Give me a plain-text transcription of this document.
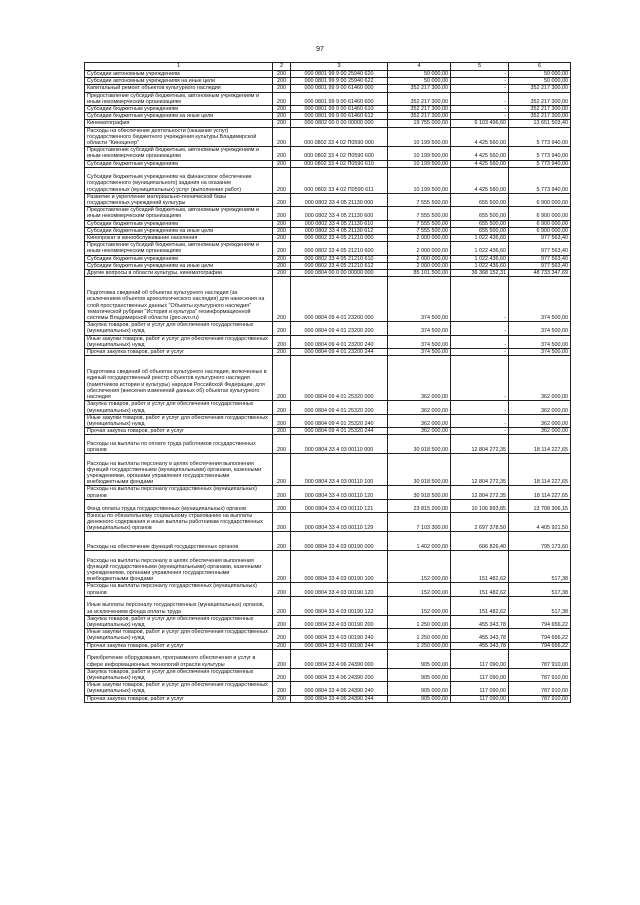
97
1	2	3	4	5	6
Субсидии автономным учреждениям	200	000 0801 99 9 00 25940 620	50 000,00	-	50 000,00
Субсидии автономным учреждениям на иные цели	200	000 0801 99 9 00 25940 622	50 000,00	-	50 000,00
Капитальный ремонт объектов культурного наследия	200	000 0801 99 9 00 61460 000	352 217 300,00	-	352 217 300,00
Предоставление субсидий бюджетным, автономным учреждениям и иным некоммерческим организациям	200	000 0801 99 9 00 61460 600	352 217 300,00	-	352 217 300,00
Субсидии бюджетным учреждениям	200	000 0801 99 9 00 61460 610	352 217 300,00	-	352 217 300,00
Субсидии бюджетным учреждениям на иные цели	200	000 0801 99 9 00 61460 612	352 217 300,00	-	352 217 300,00
Кинематография	200	000 0802 00 0 00 00000 000	19 755 000,00	6 103 496,60	13 651 503,40
Расходы на обеспечение деятельности (оказание услуг) государственного бюджетного учреждения культуры Владимирской области "Киноцентр"	200	000 0802 33 4 02 П0590 000	10 199 500,00	4 425 560,00	5 773 940,00
Предоставление субсидий бюджетным, автономным учреждениям и иным некоммерческим организациям	200	000 0802 33 4 02 П0590 600	10 199 500,00	4 425 560,00	5 773 940,00
Субсидии бюджетным учреждениям	200	000 0802 33 4 02 П0590 610	10 199 500,00	4 425 560,00	5 773 940,00
Субсидии бюджетным учреждениям на финансовое обеспечение государственного (муниципального) задания на оказание государственных (муниципальных) услуг (выполнение работ)	200	000 0802 33 4 02 П0590 611	10 199 500,00	4 425 560,00	5 773 940,00
Развитие и укрепление материально-технической базы государственных учреждений культуры	200	000 0802 33 4 05 21130 000	7 555 500,00	655 500,00	6 900 000,00
Предоставление субсидий бюджетным, автономным учреждениям и иным некоммерческим организациям	200	000 0802 33 4 05 21130 600	7 555 500,00	655 500,00	6 900 000,00
Субсидии бюджетным учреждениям	200	000 0802 33 4 05 21130 610	7 555 500,00	655 500,00	6 900 000,00
Субсидии бюджетным учреждениям на иные цели	200	000 0802 33 4 05 21130 612	7 555 500,00	655 500,00	6 900 000,00
Кинопрокат и кинообслуживание населения	200	000 0802 33 4 05 21210 000	2 000 000,00	1 022 436,60	977 563,40
Предоставление субсидий бюджетным, автономным учреждениям и иным некоммерческим организациям	200	000 0802 33 4 05 21210 600	2 000 000,00	1 022 436,60	977 563,40
Субсидии бюджетным учреждениям	200	000 0802 33 4 05 21210 610	2 000 000,00	1 022 436,60	977 563,40
Субсидии бюджетным учреждениям на иные цели	200	000 0802 33 4 05 21210 612	2 000 000,00	1 022 436,60	977 563,40
Другие вопросы в области культуры, кинематографии	200	000 0804 00 0 00 00000 000	85 101 500,00	36 368 152,31	48 733 347,69
Подготовка сведений об объектах культурного наследия (за исключением объектов археологического наследия) для нанесения на слой пространственных данных "Объекты культурного наследия" тематической рубрики "История и культура" геоинформационной системы Владимирской области (geo.avo.ru)	200	000 0804 09 4 01 23200 000	374 500,00	-	374 500,00
Закупка товаров, работ и услуг для обеспечения государственных (муниципальных) нужд	200	000 0804 09 4 01 23200 200	374 500,00	-	374 500,00
Иные закупки товаров, работ и услуг для обеспечения государственных (муниципальных) нужд	200	000 0804 09 4 01 23200 240	374 500,00	-	374 500,00
Прочая закупка товаров, работ и услуг	200	000 0804 09 4 01 23200 244	374 500,00	-	374 500,00
Подготовка сведений об объектах культурного наследия, включенных в единый государственный реестр объектов культурного наследия (памятников истории и культуры) народов Российской Федерации, для обеспечения (внесения изменений данных об) объектах культурного наследия	200	000 0804 09 4 01 25320 000	362 000,00	-	362 000,00
Закупка товаров, работ и услуг для обеспечения государственных (муниципальных) нужд	200	000 0804 09 4 01 25320 200	362 000,00	-	362 000,00
Иные закупки товаров, работ и услуг для обеспечения государственных (муниципальных) нужд	200	000 0804 09 4 01 25320 240	362 000,00	-	362 000,00
Прочая закупка товаров, работ и услуг	200	000 0804 09 4 01 25320 244	362 000,00	-	362 000,00
Расходы на выплаты по оплате труда работников государственных органов	200	000 0804 33 4 03 00110 000	30 918 500,00	12 804 272,35	18 114 227,65
Расходы на выплаты персоналу в целях обеспечения выполнения функций государственными (муниципальными) органами, казенными учреждениями, органами управления государственными внебюджетными фондами	200	000 0804 33 4 03 00110 100	30 918 500,00	12 804 272,35	18 114 227,65
Расходы на выплаты персоналу государственных (муниципальных) органов	200	000 0804 33 4 03 00110 120	30 918 500,00	12 804 272,35	18 114 227,65
Фонд оплаты труда государственных (муниципальных) органов	200	000 0804 33 4 03 00110 121	23 815 200,00	10 106 893,85	13 708 306,15
Взносы по обязательному социальному страхованию на выплаты денежного содержания и иные выплаты работникам государственных (муниципальных) органов	200	000 0804 33 4 03 00110 129	7 103 300,00	2 697 378,50	4 405 921,50
Расходы на обеспечение функций государственных органов	200	000 0804 33 4 03 00190 000	1 402 000,00	606 826,40	795 173,60
Расходы на выплаты персоналу в целях обеспечения выполнения функций государственными (муниципальными) органами, казенными учреждениями, органами управления государственными внебюджетными фондами	200	000 0804 33 4 03 00190 100	152 000,00	151 482,62	517,38
Расходы на выплаты персоналу государственных (муниципальных) органов	200	000 0804 33 4 03 00190 120	152 000,00	151 482,62	517,38
Иные выплаты персоналу государственных (муниципальных) органов, за исключением фонда оплаты труда	200	000 0804 33 4 03 00190 122	152 000,00	151 482,62	517,38
Закупка товаров, работ и услуг для обеспечения государственных (муниципальных) нужд	200	000 0804 33 4 03 00190 200	1 250 000,00	455 343,78	794 656,22
Иные закупки товаров, работ и услуг для обеспечения государственных (муниципальных) нужд	200	000 0804 33 4 03 00190 240	1 250 000,00	455 343,78	794 656,22
Прочая закупка товаров, работ и услуг	200	000 0804 33 4 03 00190 244	1 250 000,00	455 343,78	794 656,22
Приобретение оборудования, программного обеспечения и услуг в сфере информационных технологий отрасли культуры	200	000 0804 33 4 06 24390 000	905 000,00	117 090,00	787 910,00
Закупка товаров, работ и услуг для обеспечения государственных (муниципальных) нужд	200	000 0804 33 4 06 24390 200	905 000,00	117 090,00	787 910,00
Иные закупки товаров, работ и услуг для обеспечения государственных (муниципальных) нужд	200	000 0804 33 4 06 24390 240	905 000,00	117 090,00	787 910,00
Прочая закупка товаров, работ и услуг	200	000 0804 33 4 06 24390 244	905 000,00	117 090,00	787 910,00
